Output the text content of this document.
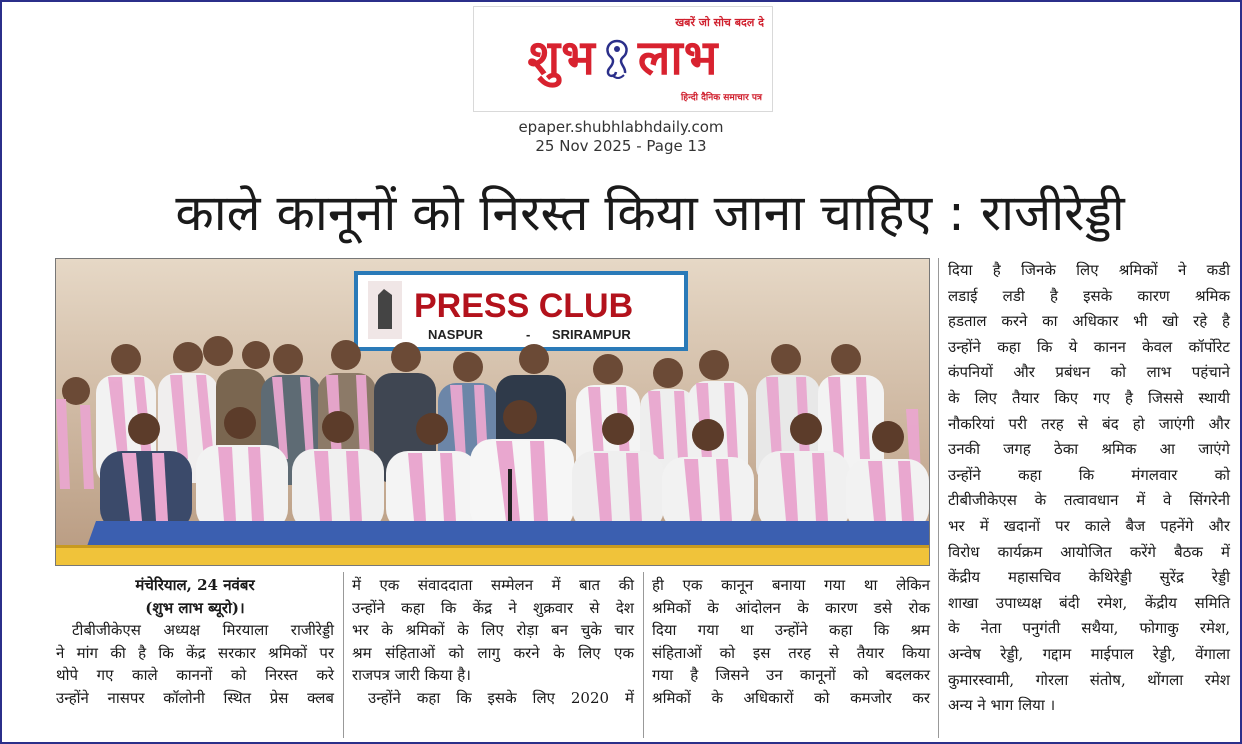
खबरें जो सोच बदल दे
शुभ लाभ
हिन्दी दैनिक समाचार पत्र
epaper.shubhlabhdaily.com
25 Nov 2025 - Page 13
काले कानूनों को निरस्त किया जाना चाहिए : राजीरेड्डी
PRESS CLUB
NASPUR	- SRIRAMPUR

मंचेरियाल, 24 नवंबर

(शुभ लाभ ब्यूरो)।

टीबीजीकेएस अध्यक्ष मिरयाला राजीरेड्डी

ने मांग की है कि केंद्र सरकार श्रमिकों पर

थोपे गए काले काननों को निरस्त करे

उन्होंने नासपर कॉलोनी स्थित प्रेस क्लब

में एक संवाददाता सम्मेलन में बात की

उन्होंने कहा कि केंद्र ने शुक्रवार से देश

भर के श्रमिकों के लिए रोड़ा बन चुके चार

श्रम संहिताओं को लागु करने के लिए एक

राजपत्र जारी किया है।

उन्होंने कहा कि इसके लिए 2020 में

ही एक कानून बनाया गया था लेकिन

श्रमिकों के आंदोलन के कारण डसे रोक

दिया गया था उन्होंने कहा कि श्रम

संहिताओं को इस तरह से तैयार किया

गया है जिसने उन कानूनों को बदलकर

श्रमिकों के अधिकारों को कमजोर कर

दिया है जिनके लिए श्रमिकों ने कडी

लडाई लडी है इसके कारण श्रमिक

हडताल करने का अधिकार भी खो रहे है

उन्होंने कहा कि ये कानन केवल कॉर्पोरेट

कंपनियों और प्रबंधन को लाभ पहंचाने

के लिए तैयार किए गए है जिससे स्थायी

नौकरियां परी तरह से बंद हो जाएंगी और

उनकी जगह ठेका श्रमिक आ जाएंगे

उन्होंने कहा कि मंगलवार को

टीबीजीकेएस के तत्वावधान में वे सिंगरेनी

भर में खदानों पर काले बैज पहनेंगे और

विरोध कार्यक्रम आयोजित करेंगे बैठक में

केंद्रीय महासचिव केथिरेड्डी सुरेंद्र रेड्डी

शाखा उपाध्यक्ष बंदी रमेश, केंद्रीय समिति

के नेता पनुगंती सथैया, फोगाकु रमेश,

अन्वेष रेड्डी, गद्दाम माईपाल रेड्डी, वेंगाला

कुमारस्वामी, गोरला संतोष, थोंगला रमेश

अन्य ने भाग लिया ।
